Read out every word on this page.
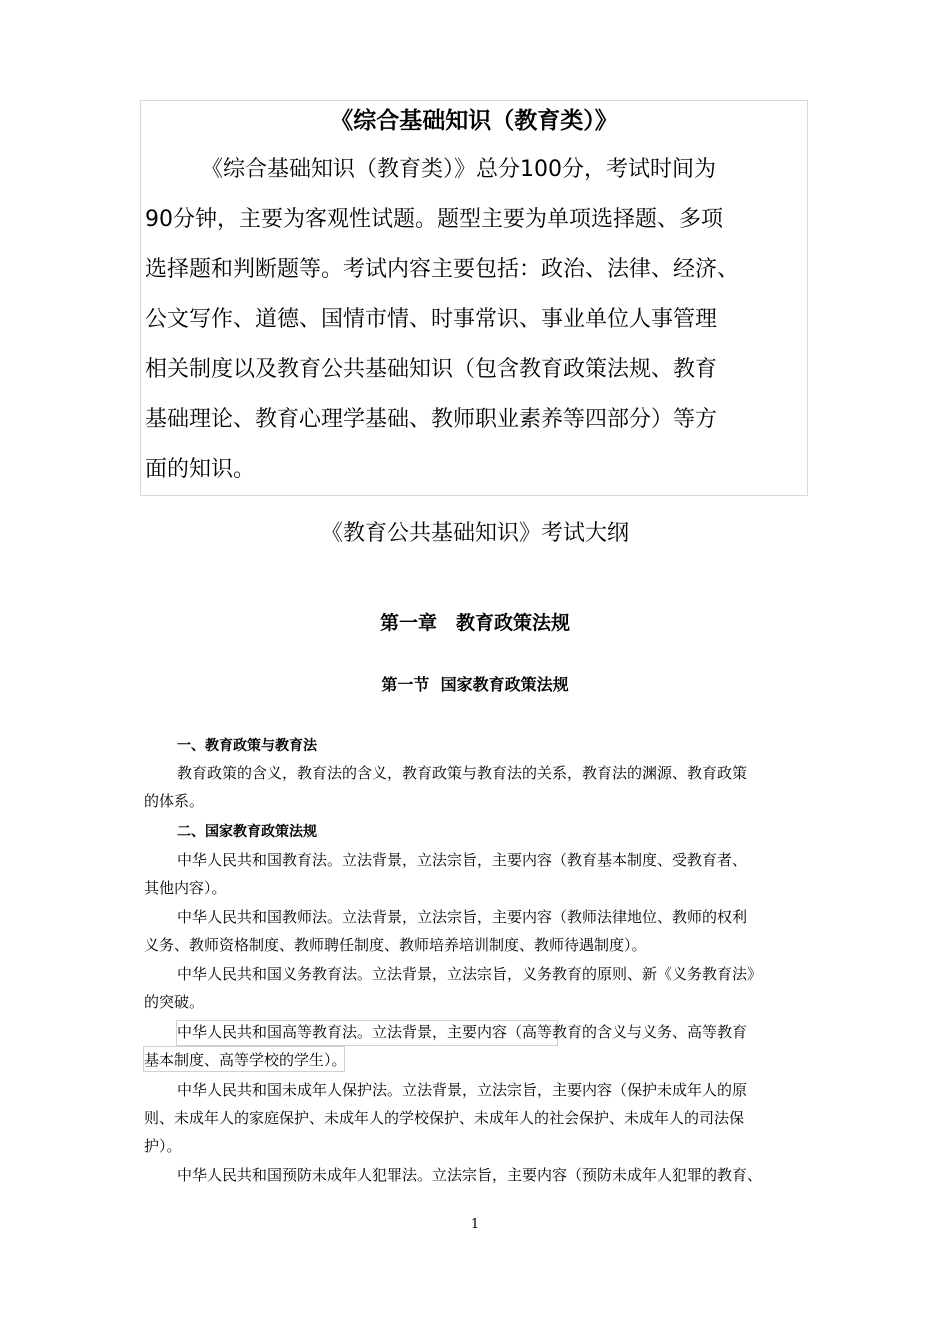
《综合基础知识（教育类）》
《综合基础知识（教育类）》总分100分，考试时间为
90分钟，主要为客观性试题。题型主要为单项选择题、多项
选择题和判断题等。考试内容主要包括：政治、法律、经济、
公文写作、道德、国情市情、时事常识、事业单位人事管理
相关制度以及教育公共基础知识（包含教育政策法规、教育
基础理论、教育心理学基础、教师职业素养等四部分）等方
面的知识。
《教育公共基础知识》考试大纲
第一章　教育政策法规
第一节  国家教育政策法规
一、教育政策与教育法
教育政策的含义，教育法的含义，教育政策与教育法的关系，教育法的渊源、教育政策
的体系。
二、国家教育政策法规
中华人民共和国教育法。立法背景，立法宗旨，主要内容（教育基本制度、受教育者、
其他内容）。
中华人民共和国教师法。立法背景，立法宗旨，主要内容（教师法律地位、教师的权利
义务、教师资格制度、教师聘任制度、教师培养培训制度、教师待遇制度）。
中华人民共和国义务教育法。立法背景，立法宗旨，义务教育的原则、新《义务教育法》
的突破。
中华人民共和国高等教育法。立法背景，主要内容（高等教育的含义与义务、高等教育
基本制度、高等学校的学生）。
中华人民共和国未成年人保护法。立法背景，立法宗旨，主要内容（保护未成年人的原
则、未成年人的家庭保护、未成年人的学校保护、未成年人的社会保护、未成年人的司法保
护）。
中华人民共和国预防未成年人犯罪法。立法宗旨，主要内容（预防未成年人犯罪的教育、
1
